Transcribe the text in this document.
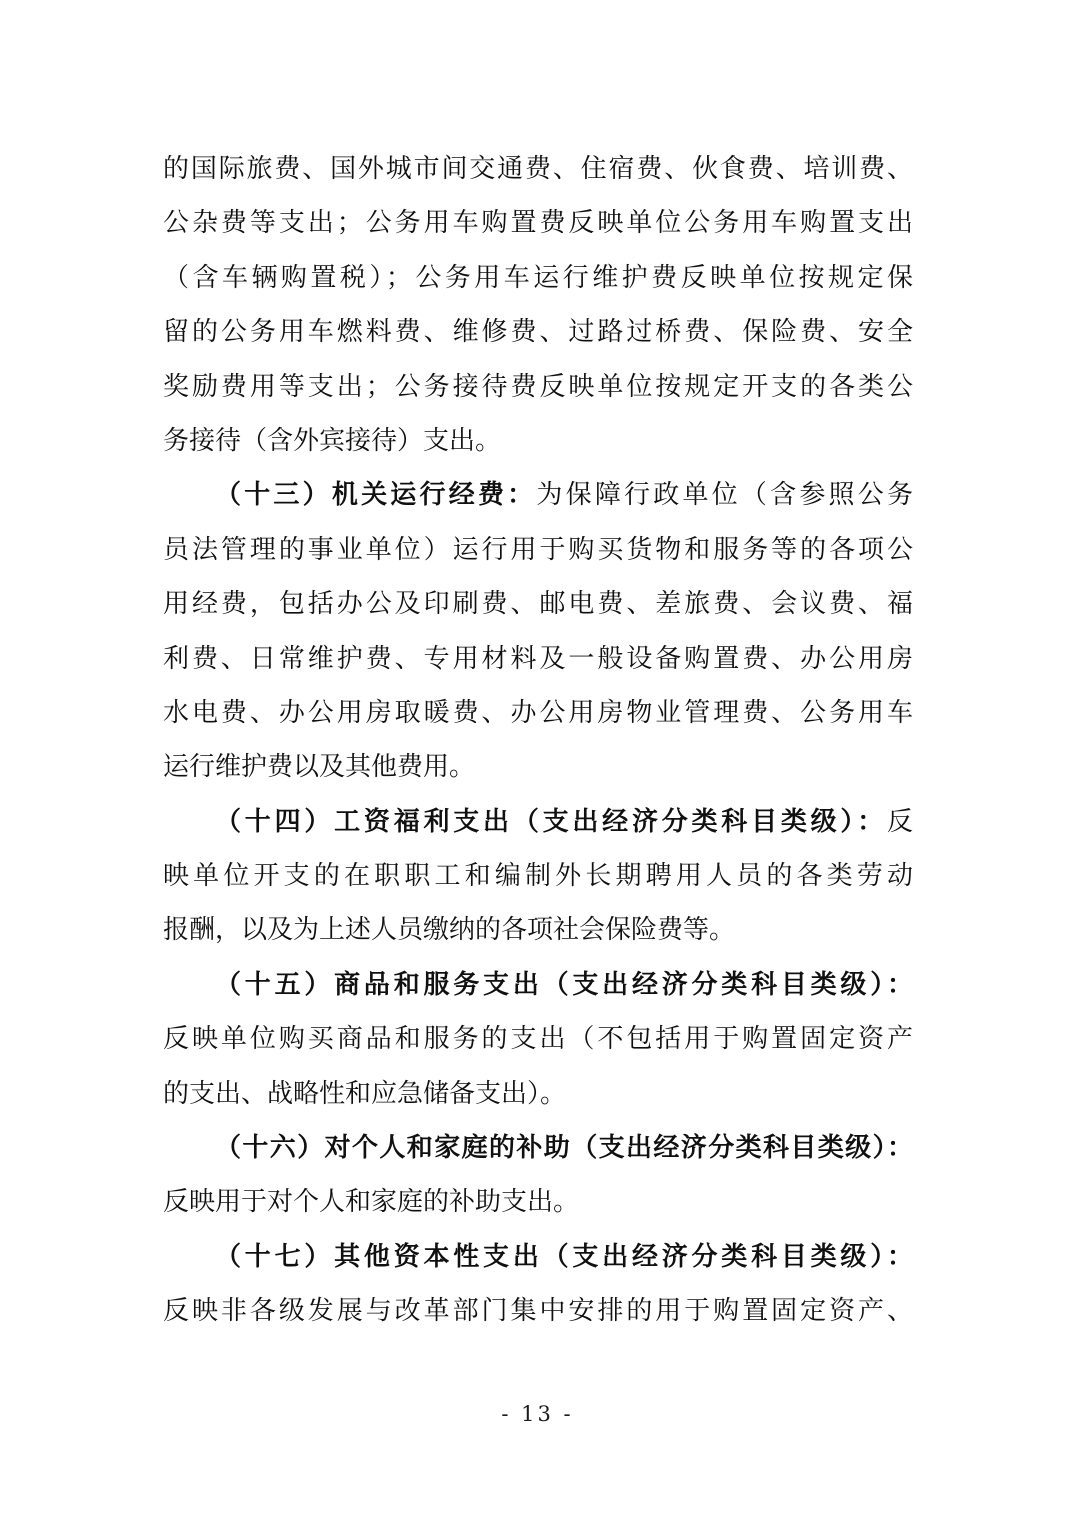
的国际旅费、国外城市间交通费、住宿费、伙食费、培训费、
公杂费等支出；公务用车购置费反映单位公务用车购置支出
（含车辆购置税）；公务用车运行维护费反映单位按规定保
留的公务用车燃料费、维修费、过路过桥费、保险费、安全
奖励费用等支出；公务接待费反映单位按规定开支的各类公
务接待（含外宾接待）支出。
（十三）机关运行经费：为保障行政单位（含参照公务
员法管理的事业单位）运行用于购买货物和服务等的各项公
用经费，包括办公及印刷费、邮电费、差旅费、会议费、福
利费、日常维护费、专用材料及一般设备购置费、办公用房
水电费、办公用房取暖费、办公用房物业管理费、公务用车
运行维护费以及其他费用。
（十四）工资福利支出（支出经济分类科目类级）：反
映单位开支的在职职工和编制外长期聘用人员的各类劳动
报酬，以及为上述人员缴纳的各项社会保险费等。
（十五）商品和服务支出（支出经济分类科目类级）：
反映单位购买商品和服务的支出（不包括用于购置固定资产
的支出、战略性和应急储备支出）。
（十六）对个人和家庭的补助（支出经济分类科目类级）：
反映用于对个人和家庭的补助支出。
（十七）其他资本性支出（支出经济分类科目类级）：
反映非各级发展与改革部门集中安排的用于购置固定资产、
- 13 -
